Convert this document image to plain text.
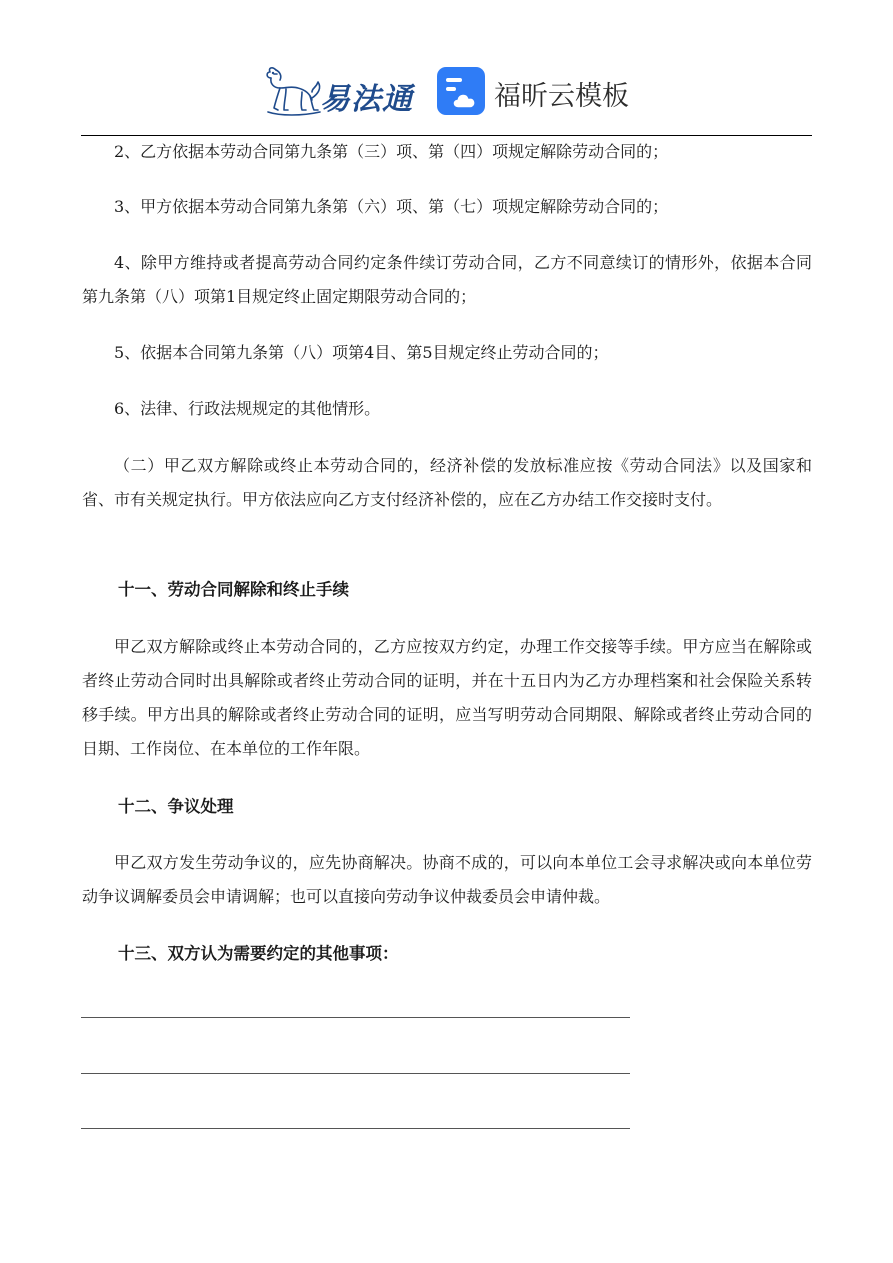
易法通	福昕云模板

2、乙方依据本劳动合同第九条第（三）项、第（四）项规定解除劳动合同的；

3、甲方依据本劳动合同第九条第（六）项、第（七）项规定解除劳动合同的；

4、除甲方维持或者提高劳动合同约定条件续订劳动合同，乙方不同意续订的情形外，依据本合同第九条第（八）项第1目规定终止固定期限劳动合同的；

5、依据本合同第九条第（八）项第4目、第5目规定终止劳动合同的；

6、法律、行政法规规定的其他情形。

（二）甲乙双方解除或终止本劳动合同的，经济补偿的发放标准应按《劳动合同法》以及国家和省、市有关规定执行。甲方依法应向乙方支付经济补偿的，应在乙方办结工作交接时支付。

十一、劳动合同解除和终止手续

甲乙双方解除或终止本劳动合同的，乙方应按双方约定，办理工作交接等手续。甲方应当在解除或者终止劳动合同时出具解除或者终止劳动合同的证明，并在十五日内为乙方办理档案和社会保险关系转移手续。甲方出具的解除或者终止劳动合同的证明，应当写明劳动合同期限、解除或者终止劳动合同的日期、工作岗位、在本单位的工作年限。

十二、争议处理

甲乙双方发生劳动争议的，应先协商解决。协商不成的，可以向本单位工会寻求解决或向本单位劳动争议调解委员会申请调解；也可以直接向劳动争议仲裁委员会申请仲裁。

十三、双方认为需要约定的其他事项：
